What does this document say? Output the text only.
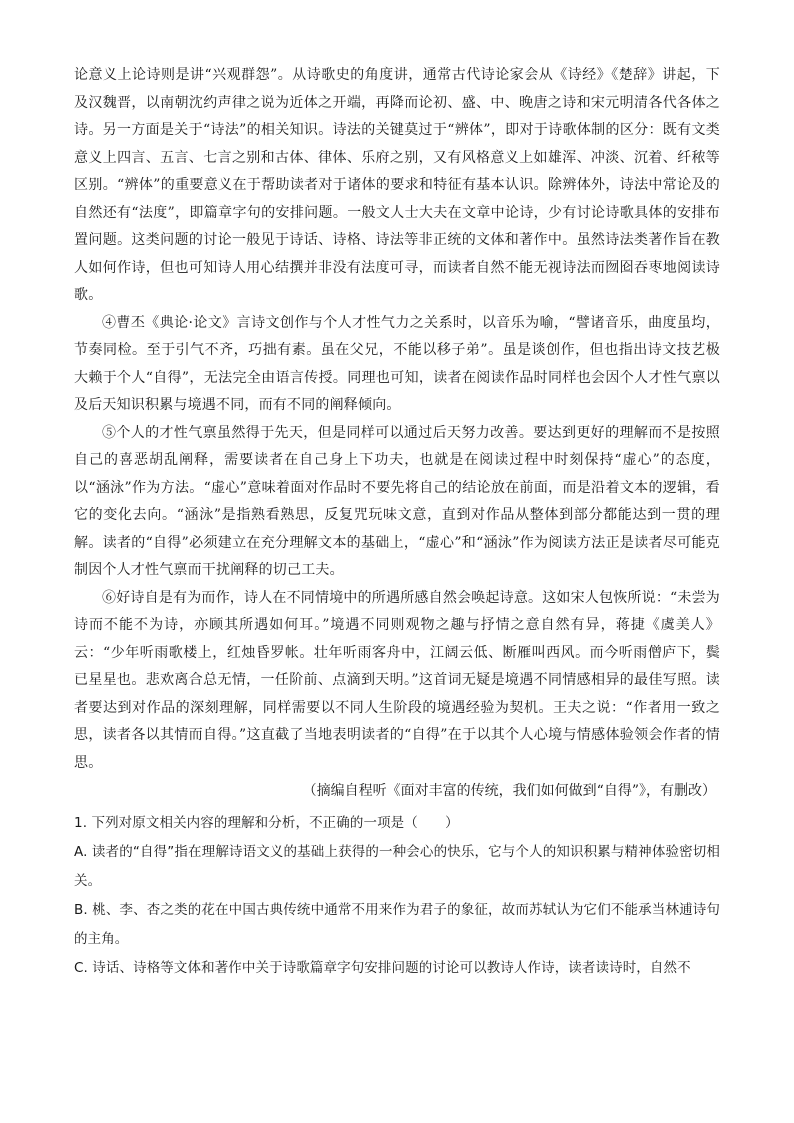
论意义上论诗则是讲“兴观群怨”。从诗歌史的角度讲，通常古代诗论家会从《诗经》《楚辞》讲起，下及汉魏晋，以南朝沈约声律之说为近体之开端，再降而论初、盛、中、晚唐之诗和宋元明清各代各体之诗。另一方面是关于“诗法”的相关知识。诗法的关键莫过于“辨体”，即对于诗歌体制的区分：既有文类意义上四言、五言、七言之别和古体、律体、乐府之别，又有风格意义上如雄浑、冲淡、沉着、纤秾等区别。“辨体”的重要意义在于帮助读者对于诸体的要求和特征有基本认识。除辨体外，诗法中常论及的自然还有“法度”，即篇章字句的安排问题。一般文人士大夫在文章中论诗，少有讨论诗歌具体的安排布置问题。这类问题的讨论一般见于诗话、诗格、诗法等非正统的文体和著作中。虽然诗法类著作旨在教人如何作诗，但也可知诗人用心结撰并非没有法度可寻，而读者自然不能无视诗法而囫囵吞枣地阅读诗歌。

④曹丕《典论·论文》言诗文创作与个人才性气力之关系时，以音乐为喻，“譬诸音乐，曲度虽均，节奏同检。至于引气不齐，巧拙有素。虽在父兄，不能以移子弟”。虽是谈创作，但也指出诗文技艺极大赖于个人“自得”，无法完全由语言传授。同理也可知，读者在阅读作品时同样也会因个人才性气禀以及后天知识积累与境遇不同，而有不同的阐释倾向。

⑤个人的才性气禀虽然得于先天，但是同样可以通过后天努力改善。要达到更好的理解而不是按照自己的喜恶胡乱阐释，需要读者在自己身上下功夫，也就是在阅读过程中时刻保持“虚心”的态度，以“涵泳”作为方法。“虚心”意味着面对作品时不要先将自己的结论放在前面，而是沿着文本的逻辑，看它的变化去向。“涵泳”是指熟看熟思，反复咒玩味文意，直到对作品从整体到部分都能达到一贯的理解。读者的“自得”必须建立在充分理解文本的基础上，“虚心”和“涵泳”作为阅读方法正是读者尽可能克制因个人才性气禀而干扰阐释的切己工夫。

⑥好诗自是有为而作，诗人在不同情境中的所遇所感自然会唤起诗意。这如宋人包恢所说：“未尝为诗而不能不为诗，亦顾其所遇如何耳。”境遇不同则观物之趣与抒情之意自然有异，蒋捷《虞美人》云：“少年听雨歌楼上，红烛昏罗帐。壮年听雨客舟中，江阔云低、断雁叫西风。而今听雨僧庐下，鬓已星星也。悲欢离合总无情，一任阶前、点滴到天明。”这首词无疑是境遇不同情感相异的最佳写照。读者要达到对作品的深刻理解，同样需要以不同人生阶段的境遇经验为契机。王夫之说：“作者用一致之思，读者各以其情而自得。”这直截了当地表明读者的“自得”在于以其个人心境与情感体验领会作者的情思。

（摘编自程听《面对丰富的传统，我们如何做到“自得”》，有删改）

1. 下列对原文相关内容的理解和分析，不正确的一项是（　　）

A. 读者的“自得”指在理解诗语文义的基础上获得的一种会心的快乐，它与个人的知识积累与精神体验密切相关。

B. 桃、李、杏之类的花在中国古典传统中通常不用来作为君子的象征，故而苏轼认为它们不能承当林逋诗句的主角。

C. 诗话、诗格等文体和著作中关于诗歌篇章字句安排问题的讨论可以教诗人作诗，读者读诗时，自然不
